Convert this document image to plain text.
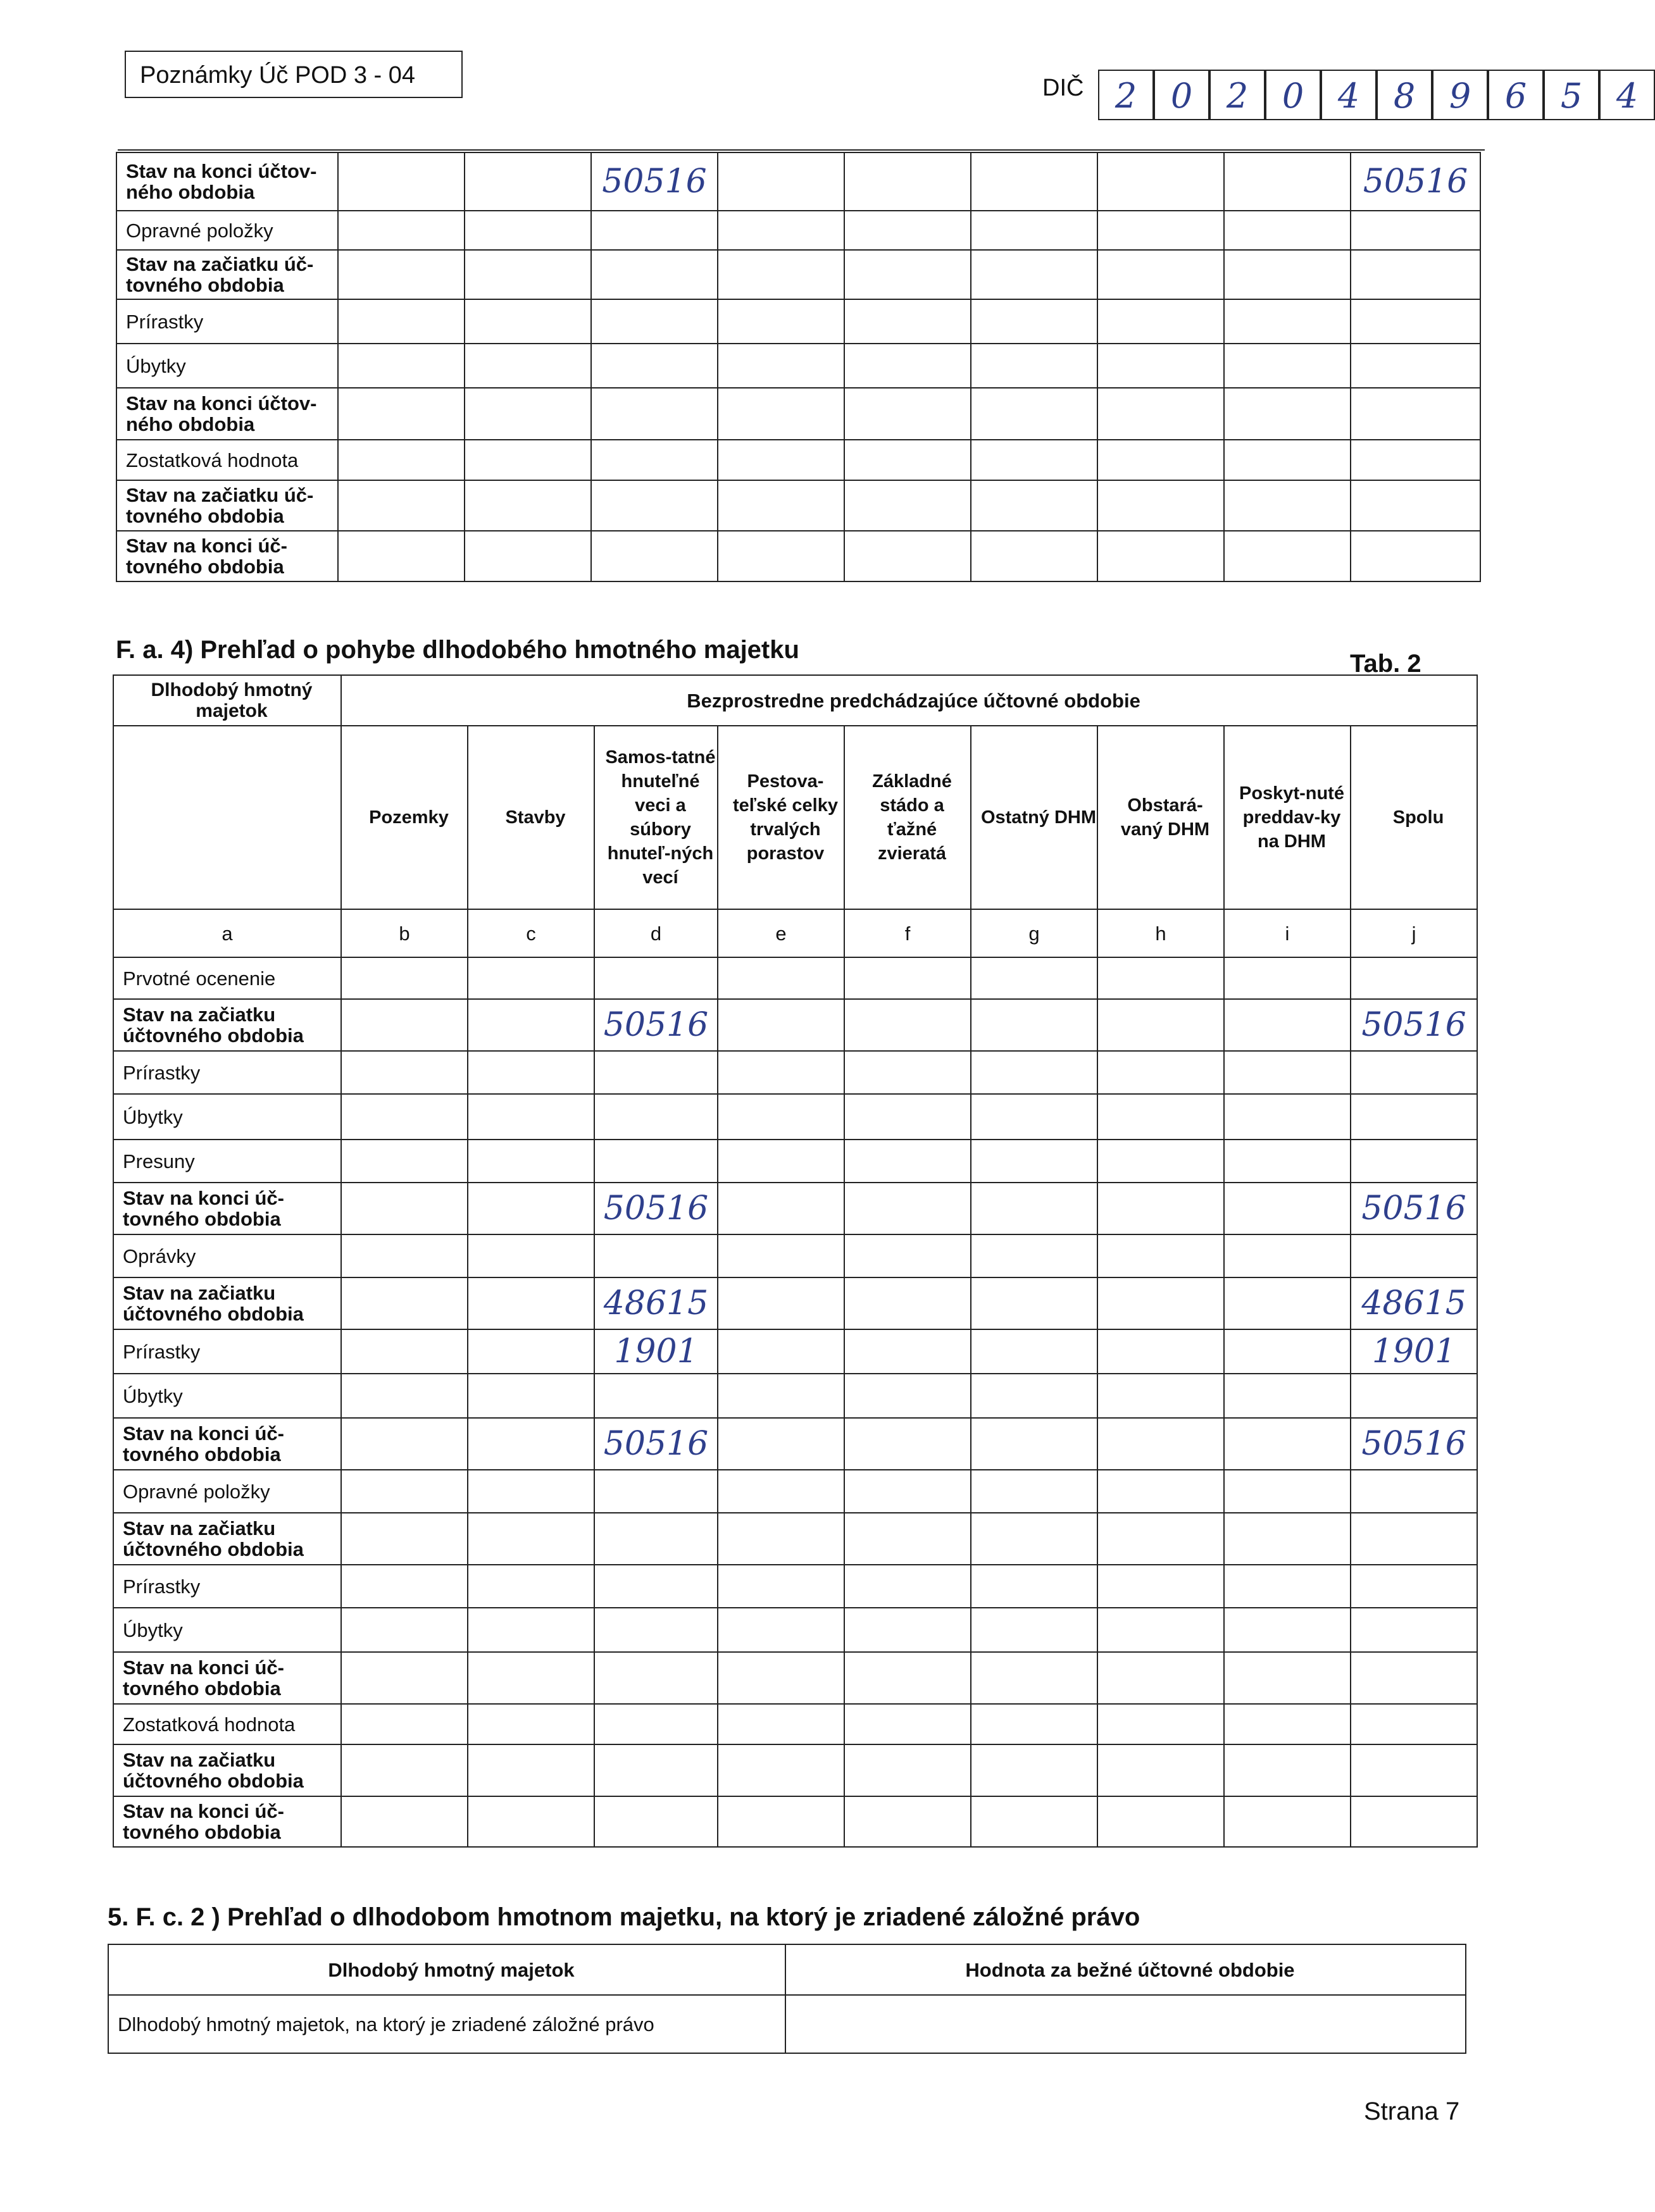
Poznámky Úč POD 3 - 04	DIČ 2 0 2 0 4 8 9 6 5 4
Stav na konci účtov-ného obdobia			50516						50516
Opravné položky									
Stav na začiatku úč-tovného obdobia									
Prírastky									
Úbytky									
Stav na konci účtov-ného obdobia									
Zostatková hodnota									
Stav na začiatku úč-tovného obdobia									
Stav na konci úč-tovného obdobia									
F. a. 4) Prehľad o pohybe dlhodobého hmotného majetku	Tab. 2
Dlhodobý hmotný majetok	Bezprostredne predchádzajúce účtovné obdobie								
	Pozemky	Stavby	Samos-tatné hnuteľné veci a súbory hnuteľ-ných vecí	Pestova-teľské celky trvalých porastov	Základné stádo a ťažné zvieratá	Ostatný DHM	Obstará-vaný DHM	Poskyt-nuté preddav-ky na DHM	Spolu
a	b	c	d	e	f	g	h	i	j
Prvotné ocenenie									
Stav na začiatku účtovného obdobia			50516						50516
Prírastky									
Úbytky									
Presuny									
Stav na konci úč-tovného obdobia			50516						50516
Oprávky									
Stav na začiatku účtovného obdobia			48615						48615
Prírastky			1901						1901
Úbytky									
Stav na konci úč-tovného obdobia			50516						50516
Opravné položky									
Stav na začiatku účtovného obdobia									
Prírastky									
Úbytky									
Stav na konci úč-tovného obdobia									
Zostatková hodnota									
Stav na začiatku účtovného obdobia									
Stav na konci úč-tovného obdobia									
5. F. c. 2 ) Prehľad o dlhodobom hmotnom majetku, na ktorý je zriadené záložné právo
Dlhodobý hmotný majetok	Hodnota za bežné účtovné obdobie
Dlhodobý hmotný majetok, na ktorý je zriadené záložné právo	
Strana 7
